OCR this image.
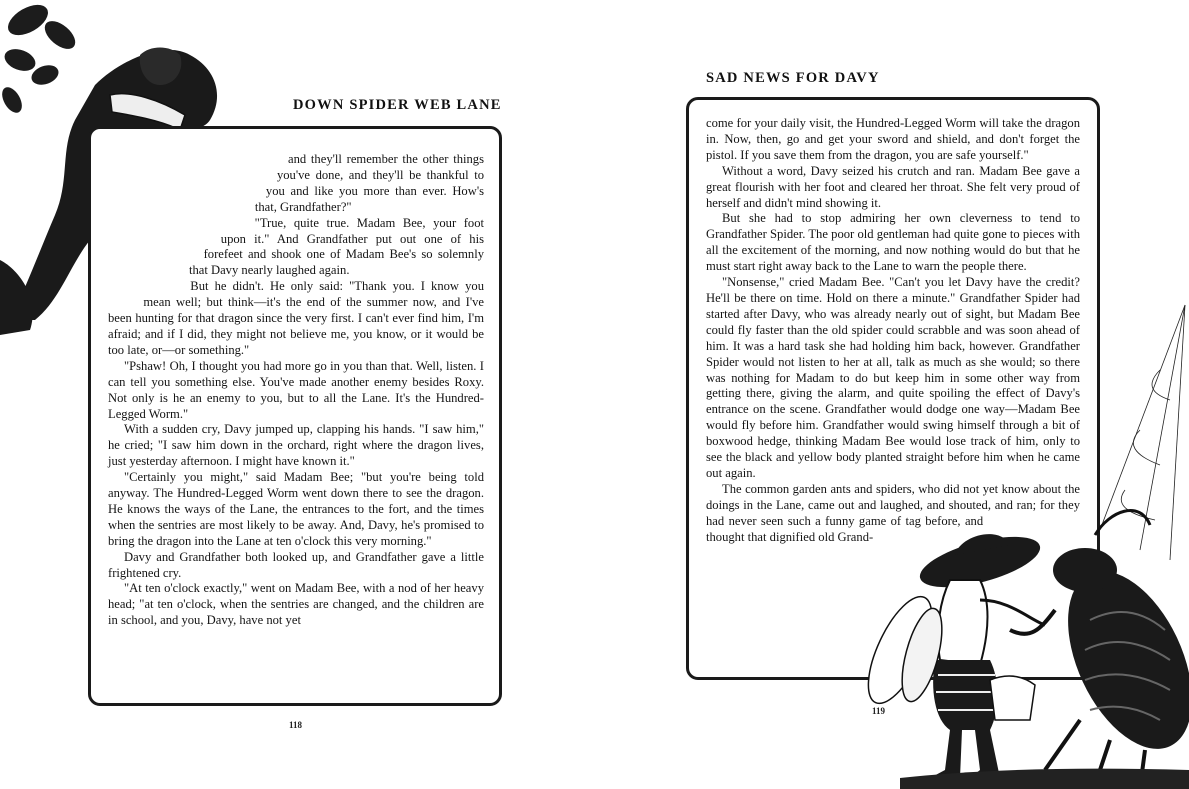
DOWN SPIDER WEB LANE

and they'll remember the other things you've done, and they'll be thankful to you and like you more than ever. How's that, Grandfather?"

"True, quite true. Madam Bee, your foot upon it." And Grandfather put out one of his forefeet and shook one of Madam Bee's so solemnly that Davy nearly laughed again.

But he didn't. He only said: "Thank you. I know you mean well; but think—it's the end of the summer now, and I've been hunting for that dragon since the very first. I can't ever find him, I'm afraid; and if I did, they might not believe me, you know, or it would be too late, or—or something."

"Pshaw! Oh, I thought you had more go in you than that. Well, listen. I can tell you something else. You've made another enemy besides Roxy. Not only is he an enemy to you, but to all the Lane. It's the Hundred-Legged Worm."

With a sudden cry, Davy jumped up, clapping his hands. "I saw him," he cried; "I saw him down in the orchard, right where the dragon lives, just yesterday afternoon. I might have known it."

"Certainly you might," said Madam Bee; "but you're being told anyway. The Hundred-Legged Worm went down there to see the dragon. He knows the ways of the Lane, the entrances to the fort, and the times when the sentries are most likely to be away. And, Davy, he's promised to bring the dragon into the Lane at ten o'clock this very morning."

Davy and Grandfather both looked up, and Grandfather gave a little frightened cry.

"At ten o'clock exactly," went on Madam Bee, with a nod of her heavy head; "at ten o'clock, when the sentries are changed, and the children are in school, and you, Davy, have not yet

118
SAD NEWS FOR DAVY

come for your daily visit, the Hundred-Legged Worm will take the dragon in. Now, then, go and get your sword and shield, and don't forget the pistol. If you save them from the dragon, you are safe yourself."

Without a word, Davy seized his crutch and ran. Madam Bee gave a great flourish with her foot and cleared her throat. She felt very proud of herself and didn't mind showing it.

But she had to stop admiring her own cleverness to tend to Grandfather Spider. The poor old gentleman had quite gone to pieces with all the excitement of the morning, and now nothing would do but that he must start right away back to the Lane to warn the people there.

"Nonsense," cried Madam Bee. "Can't you let Davy have the credit? He'll be there on time. Hold on there a minute." Grandfather Spider had started after Davy, who was already nearly out of sight, but Madam Bee could fly faster than the old spider could scrabble and was soon ahead of him. It was a hard task she had holding him back, however. Grandfather Spider would not listen to her at all, talk as much as she would; so there was nothing for Madam to do but keep him in some other way from getting there, giving the alarm, and quite spoiling the effect of Davy's entrance on the scene. Grandfather would dodge one way—Madam Bee would fly before him. Grandfather would swing himself through a bit of boxwood hedge, thinking Madam Bee would lose track of him, only to see the black and yellow body planted straight before him when he came out again.

The common garden ants and spiders, who did not yet know about the doings in the Lane, came out and laughed, and shouted, and ran; for they had never seen such a funny game of tag before, and thought that dignified old Grand-

119
